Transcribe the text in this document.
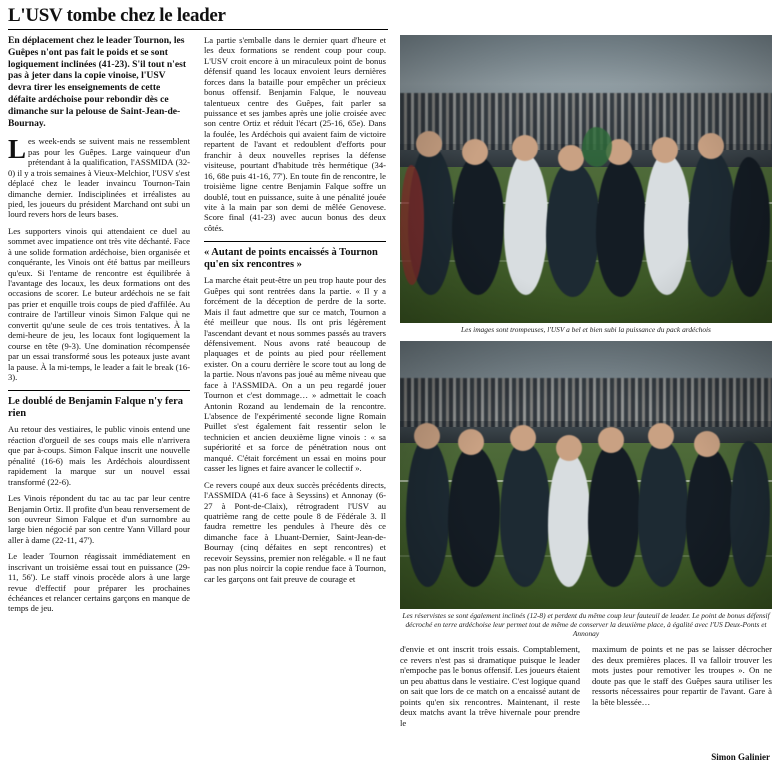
L'USV tombe chez le leader
En déplacement chez le leader Tournon, les Guêpes n'ont pas fait le poids et se sont logiquement inclinées (41-23). S'il tout n'est pas à jeter dans la copie vinoise, l'USV devra tirer les enseignements de cette défaite ardéchoise pour rebondir dès ce dimanche sur la pelouse de Saint-Jean-de-Bournay.

Les week-ends se suivent mais ne ressemblent pas pour les Guêpes. Large vainqueur d'un prétendant à la qualification, l'ASSMIDA (32-0) il y a trois semaines à Vieux-Melchior, l'USV s'est déplacé chez le leader invaincu Tournon-Tain dimanche dernier. Indisciplinées et irréalistes au pied, les joueurs du président Marchand ont subi un lourd revers hors de leurs bases.

Les supporters vinois qui attendaient ce duel au sommet avec impatience ont très vite déchanté. Face à une solide formation ardéchoise, bien organisée et conquérante, les Vinois ont été battus par meilleurs qu'eux. Si l'entame de rencontre est équilibrée à l'avantage des locaux, les deux formations ont des occasions de scorer. Le buteur ardéchois ne se fait pas prier et enquille trois coups de pied d'affilée. Au contraire de l'artilleur vinois Simon Falque qui ne convertit qu'une seule de ces trois tentatives. À la demi-heure de jeu, les locaux font logiquement la course en tête (9-3). Une domination récompensée par un essai transformé sous les poteaux juste avant la pause. À la mi-temps, le leader a fait le break (16-3).

Le doublé de Benjamin Falque n'y fera rien

Au retour des vestiaires, le public vinois entend une réaction d'orgueil de ses coups mais elle n'arrivera que par à-coups. Simon Falque inscrit une nouvelle pénalité (16-6) mais les Ardéchois alourdissent rapidement la marque sur un nouvel essai transformé (22-6).

Les Vinois répondent du tac au tac par leur centre Benjamin Ortiz. Il profite d'un beau renversement de son ouvreur Simon Falque et d'un surnombre au large bien négocié par son centre Yann Villard pour aller à dame (22-11, 47').

Le leader Tournon réagissait immédiatement en inscrivant un troisième essai tout en puissance (29-11, 56'). Le staff vinois procède alors à une large revue d'effectif pour préparer les prochaines échéances et relancer certains garçons en manque de temps de jeu.

La partie s'emballe dans le dernier quart d'heure et les deux formations se rendent coup pour coup. L'USV croit encore à un miraculeux point de bonus défensif quand les locaux envoient leurs dernières forces dans la bataille pour empêcher un précieux bonus offensif. Benjamin Falque, le nouveau talentueux centre des Guêpes, fait parler sa puissance et ses jambes après une jolie croisée avec son centre Ortiz et réduit l'écart (25-16, 65e). Dans la foulée, les Ardéchois qui avaient faim de victoire repartent de l'avant et redoublent d'efforts pour franchir à deux nouvelles reprises la défense visiteuse, pourtant d'habitude très hermétique (34-16, 68e puis 41-16, 77'). En toute fin de rencontre, le troisième ligne centre Benjamin Falque soffre un doublé, tout en puissance, suite à une pénalité jouée vite à la main par son demi de mêlée Genovese. Score final (41-23) avec aucun bonus des deux côtés.

« Autant de points encaissés à Tournon qu'en six rencontres »

La marche était peut-être un peu trop haute pour des Guêpes qui sont rentrées dans la partie. « Il y a forcément de la déception de perdre de la sorte. Mais il faut admettre que sur ce match, Tournon a été meilleur que nous. Ils ont pris légèrement l'ascendant devant et nous sommes passés au travers défensivement. Nous avons raté beaucoup de plaquages et de points au pied pour réellement exister. On a couru derrière le score tout au long de la partie. Nous n'avons pas joué au même niveau que face à l'ASSMIDA. On a un peu regardé jouer Tournon et c'est dommage… » admettait le coach Antonin Rozand au lendemain de la rencontre. L'absence de l'expérimenté seconde ligne Romain Puillet s'est également fait ressentir selon le technicien et ancien deuxième ligne vinois : « sa supériorité et sa force de pénétration nous ont manqué. C'était forcément un essai en moins pour casser les lignes et faire avancer le collectif ».

Ce revers coupé aux deux succès précédents directs, l'ASSMIDA (41-6 face à Seyssins) et Annonay (6-27 à Pont-de-Claix), rétrogradent l'USV au quatrième rang de cette poule 8 de Fédérale 3. Il faudra remettre les pendules à l'heure dès ce dimanche face à Lhuant-Dernier, Saint-Jean-de-Bournay (cinq défaites en sept rencontres) et recevoir Seyssins, premier non relégable. « Il ne faut pas non plus noircir la copie rendue face à Tournon, car les garçons ont fait preuve de courage et

Les images sont trompeuses, l'USV a bel et bien subi la puissance du pack ardéchois
Les réservistes se sont également inclinés (12-8) et perdent du même coup leur fauteuil de leader. Le point de bonus défensif décroché en terre ardéchoise leur permet tout de même de conserver la deuxième place, à égalité avec l'US Deux-Ponts et Annonay
d'envie et ont inscrit trois essais. Comptablement, ce revers n'est pas si dramatique puisque le leader n'empoche pas le bonus offensif. Les joueurs étaient un peu abattus dans le vestiaire. C'est logique quand on sait que lors de ce match on a encaissé autant de points qu'en six rencontres. Maintenant, il reste deux matchs avant la trêve hivernale pour prendre le
maximum de points et ne pas se laisser décrocher des deux premières places. Il va falloir trouver les mots justes pour remotiver les troupes ». On ne doute pas que le staff des Guêpes saura utiliser les ressorts nécessaires pour repartir de l'avant. Gare à la bête blessée…
Simon Galinier
